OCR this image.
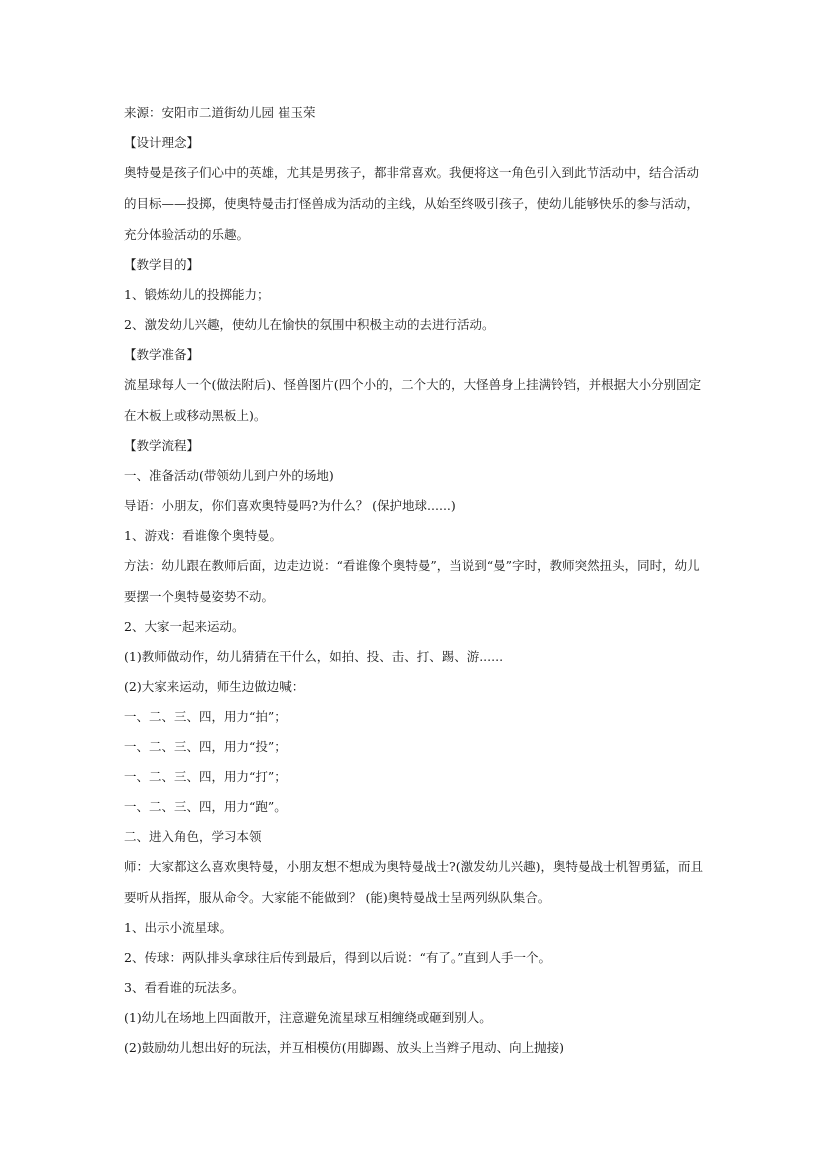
来源：安阳市二道街幼儿园 崔玉荣

【设计理念】

奥特曼是孩子们心中的英雄，尤其是男孩子，都非常喜欢。我便将这一角色引入到此节活动中，结合活动

的目标——投掷，使奥特曼击打怪兽成为活动的主线，从始至终吸引孩子，使幼儿能够快乐的参与活动，

充分体验活动的乐趣。

【教学目的】

1、锻炼幼儿的投掷能力；

2、激发幼儿兴趣，使幼儿在愉快的氛围中积极主动的去进行活动。

【教学准备】

流星球每人一个(做法附后)、怪兽图片(四个小的，二个大的，大怪兽身上挂满铃铛，并根据大小分别固定

在木板上或移动黑板上)。

【教学流程】

一、准备活动(带领幼儿到户外的场地)

导语：小朋友，你们喜欢奥特曼吗?为什么？ (保护地球......)

1、游戏：看谁像个奥特曼。

方法：幼儿跟在教师后面，边走边说：“看谁像个奥特曼”，当说到“曼”字时，教师突然扭头，同时，幼儿

要摆一个奥特曼姿势不动。

2、大家一起来运动。

(1)教师做动作，幼儿猜猜在干什么，如拍、投、击、打、踢、游......

(2)大家来运动，师生边做边喊：

一、二、三、四，用力“拍”；

一、二、三、四，用力“投”；

一、二、三、四，用力“打”；

一、二、三、四，用力“跑”。

二、进入角色，学习本领

师：大家都这么喜欢奥特曼，小朋友想不想成为奥特曼战士?(激发幼儿兴趣)，奥特曼战士机智勇猛，而且

要听从指挥，服从命令。大家能不能做到？ (能)奥特曼战士呈两列纵队集合。

1、出示小流星球。

2、传球：两队排头拿球往后传到最后，得到以后说：“有了。”直到人手一个。

3、看看谁的玩法多。

(1)幼儿在场地上四面散开，注意避免流星球互相缠绕或砸到别人。

(2)鼓励幼儿想出好的玩法，并互相模仿(用脚踢、放头上当辫子甩动、向上抛接)
